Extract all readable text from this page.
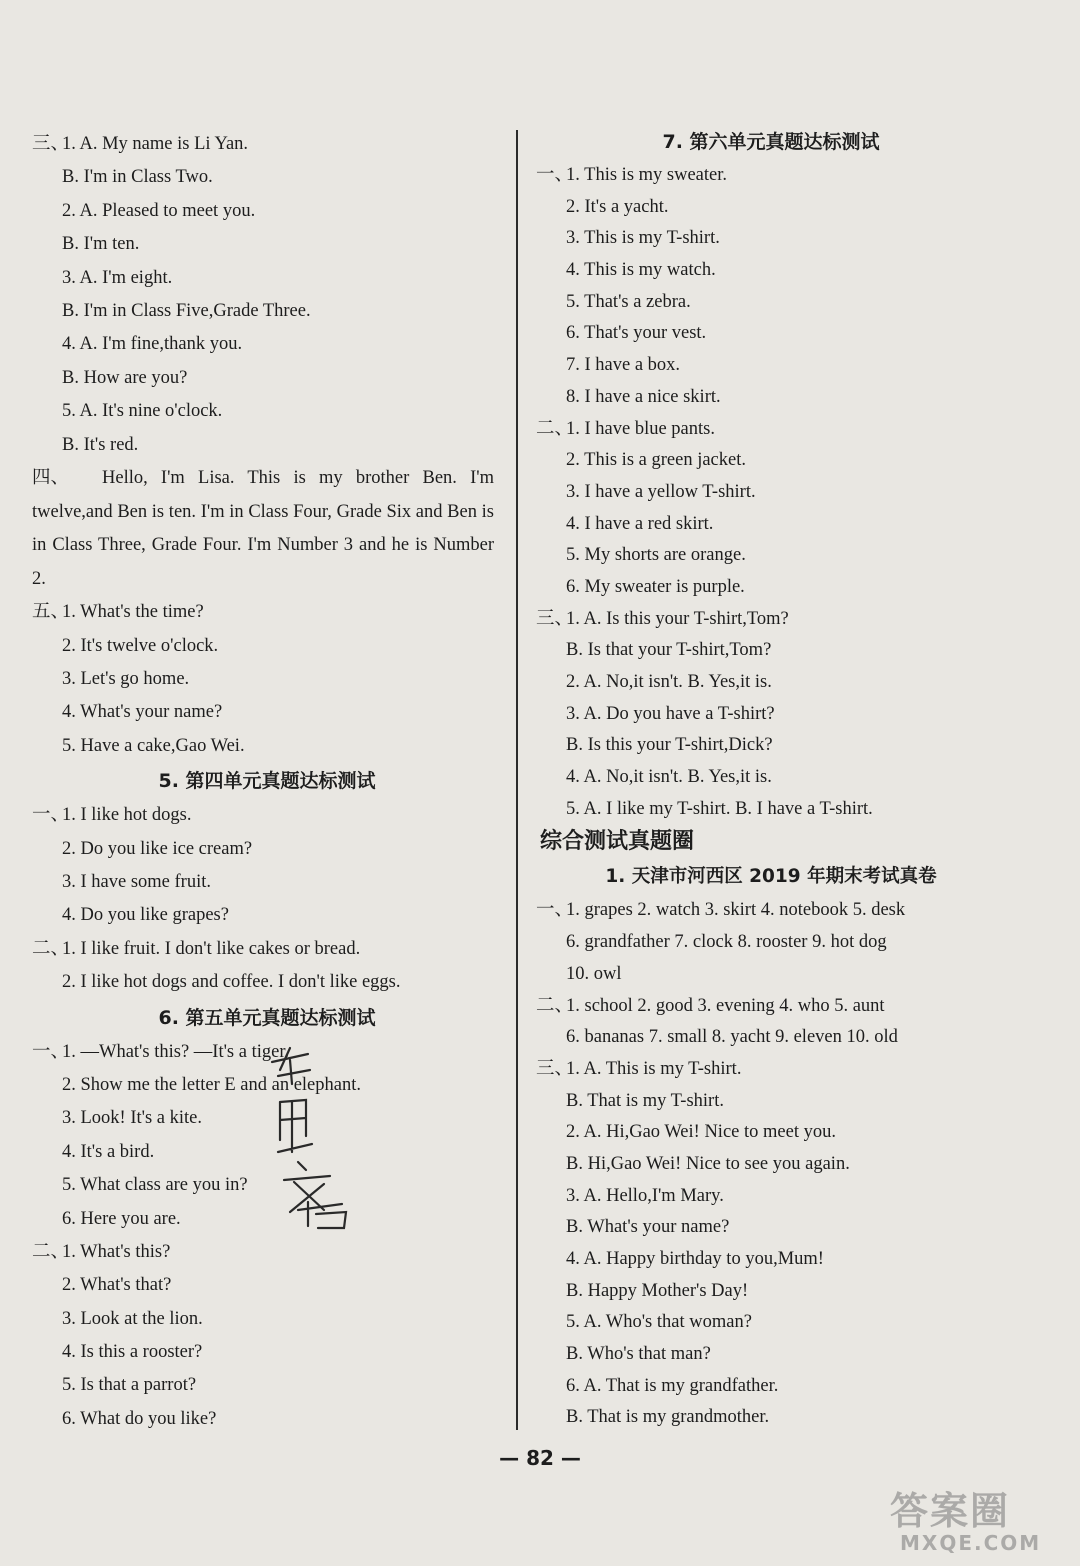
三、1. A. My name is Li Yan.
B. I'm in Class Two.
2. A. Pleased to meet you.
B. I'm ten.
3. A. I'm eight.
B. I'm in Class Five,Grade Three.
4. A. I'm fine,thank you.
B. How are you?
5. A. It's nine o'clock.
B. It's red.
四、 Hello, I'm Lisa. This is my brother Ben. I'm twelve,and Ben is ten. I'm in Class Four, Grade Six and Ben is in Class Three, Grade Four. I'm Number 3 and he is Number 2.
五、1. What's the time?
2. It's twelve o'clock.
3. Let's go home.
4. What's your name?
5. Have a cake,Gao Wei.
5. 第四单元真题达标测试
一、1. I like hot dogs.
2. Do you like ice cream?
3. I have some fruit.
4. Do you like grapes?
二、1. I like fruit. I don't like cakes or bread.
2. I like hot dogs and coffee. I don't like eggs.
6. 第五单元真题达标测试
一、1. —What's this? —It's a tiger.
2. Show me the letter E and an elephant.
3. Look! It's a kite.
4. It's a bird.
5. What class are you in?
6. Here you are.
二、1. What's this?
2. What's that?
3. Look at the lion.
4. Is this a rooster?
5. Is that a parrot?
6. What do you like?
7. 第六单元真题达标测试
一、1. This is my sweater.
2. It's a yacht.
3. This is my T-shirt.
4. This is my watch.
5. That's a zebra.
6. That's your vest.
7. I have a box.
8. I have a nice skirt.
二、1. I have blue pants.
2. This is a green jacket.
3. I have a yellow T-shirt.
4. I have a red skirt.
5. My shorts are orange.
6. My sweater is purple.
三、1. A. Is this your T-shirt,Tom?
B. Is that your T-shirt,Tom?
2. A. No,it isn't. B. Yes,it is.
3. A. Do you have a T-shirt?
B. Is this your T-shirt,Dick?
4. A. No,it isn't. B. Yes,it is.
5. A. I like my T-shirt. B. I have a T-shirt.
综合测试真题圈
1. 天津市河西区 2019 年期末考试真卷
一、1. grapes 2. watch 3. skirt 4. notebook 5. desk
6. grandfather 7. clock 8. rooster 9. hot dog
10. owl
二、1. school 2. good 3. evening 4. who 5. aunt
6. bananas 7. small 8. yacht 9. eleven 10. old
三、1. A. This is my T-shirt.
B. That is my T-shirt.
2. A. Hi,Gao Wei! Nice to meet you.
B. Hi,Gao Wei! Nice to see you again.
3. A. Hello,I'm Mary.
B. What's your name?
4. A. Happy birthday to you,Mum!
B. Happy Mother's Day!
5. A. Who's that woman?
B. Who's that man?
6. A. That is my grandfather.
B. That is my grandmother.
— 82 —
答案圈
MXQE.COM
